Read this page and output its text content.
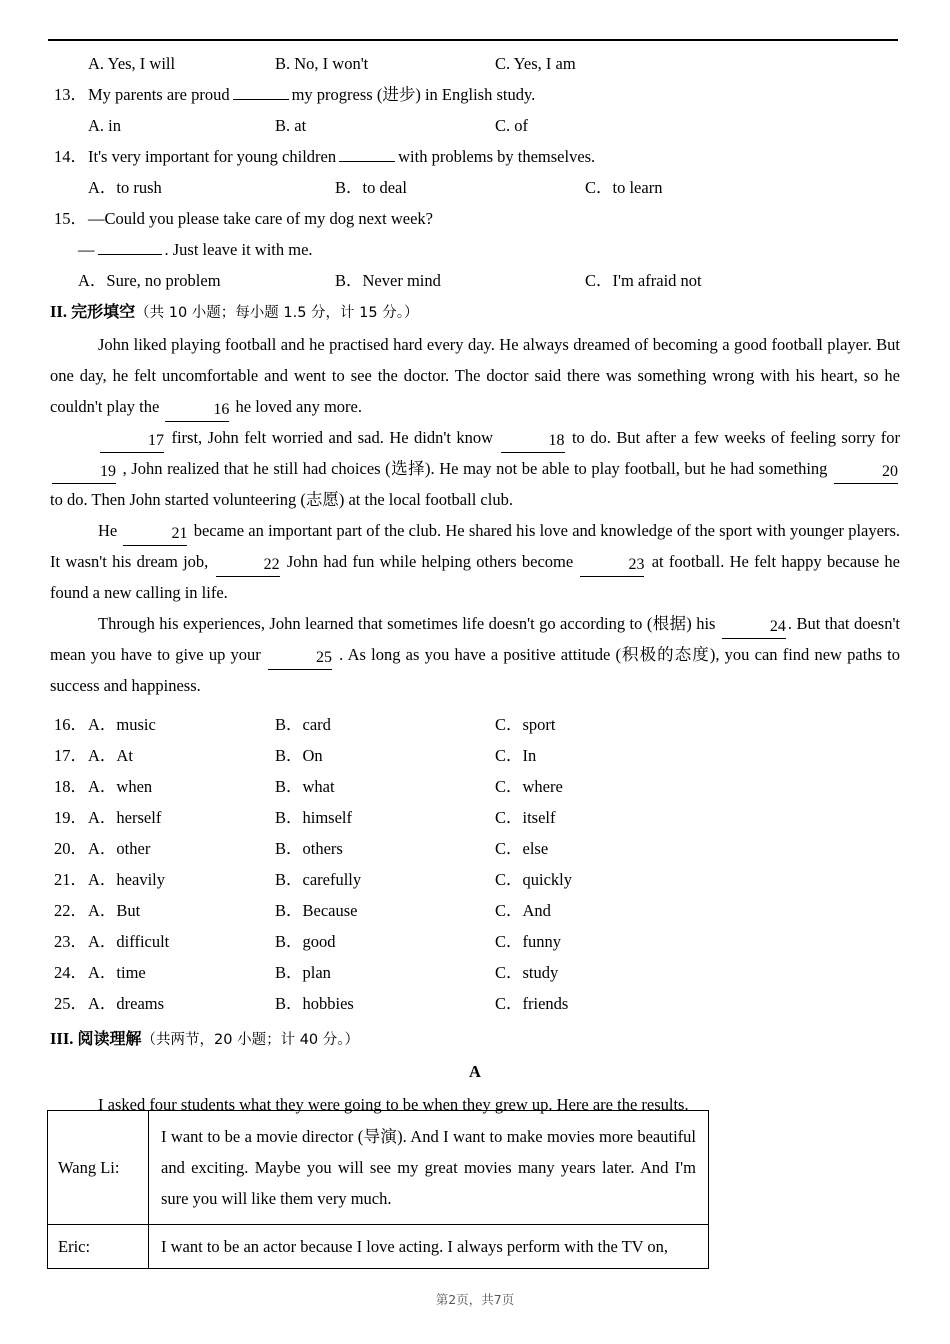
A. Yes, I will	B. No, I won't	C. Yes, I am
13． My parents are proud	my progress (进步) in English study.
A. in	B. at	C. of
14． It's very important for young children	with problems by themselves.
A．to rush	B．to deal	C．to learn
15． —Could you please take care of my dog next week?
—	. Just leave it with me.
A．Sure, no problem	B．Never mind	C．I'm afraid not
II. 完形填空（共 10 小题；每小题 1.5 分，计 15 分。）

John liked playing football and he practised hard every day. He always dreamed of becoming a good football player. But one day, he felt uncomfortable and went to see the doctor. The doctor said there was something wrong with his heart, so he couldn't play the	16 he loved any more.

17 first, John felt worried and sad. He didn't know	18 to do. But after a few weeks of feeling sorry for 19 , John realized that he still had choices (选择). He may not be able to play football, but he had something	20 to do. Then John started volunteering (志愿) at the local football club.

He	21 became an important part of the club. He shared his love and knowledge of the sport with younger players. It wasn't his dream job,	22 John had fun while helping others become	23 at football. He felt happy because he found a new calling in life.

Through his experiences, John learned that sometimes life doesn't go according to (根据) his	24 . But that doesn't mean you have to give up your	25 . As long as you have a positive attitude (积极的态度), you can find new paths to success and happiness.

16． A．music	B．card	C．sport
17． A．At	B．On	C．In
18． A．when	B．what	C．where
19． A．herself	B．himself	C．itself
20． A．other	B．others	C．else
21． A．heavily	B．carefully	C．quickly
22． A．But	B．Because	C．And
23． A．difficult	B．good	C．funny
24． A．time	B．plan	C．study
25． A．dreams	B．hobbies	C．friends
III. 阅读理解（共两节，20 小题；计 40 分。）
A
I asked four students what they were going to be when they grew up. Here are the results.
Wang Li:	I want to be a movie director (导演). And I want to make movies more beautiful and exciting. Maybe you will see my great movies many years later. And I'm sure you will like them very much.
Eric:	I want to be an actor because I love acting. I always perform with the TV on,
第2页，共7页
